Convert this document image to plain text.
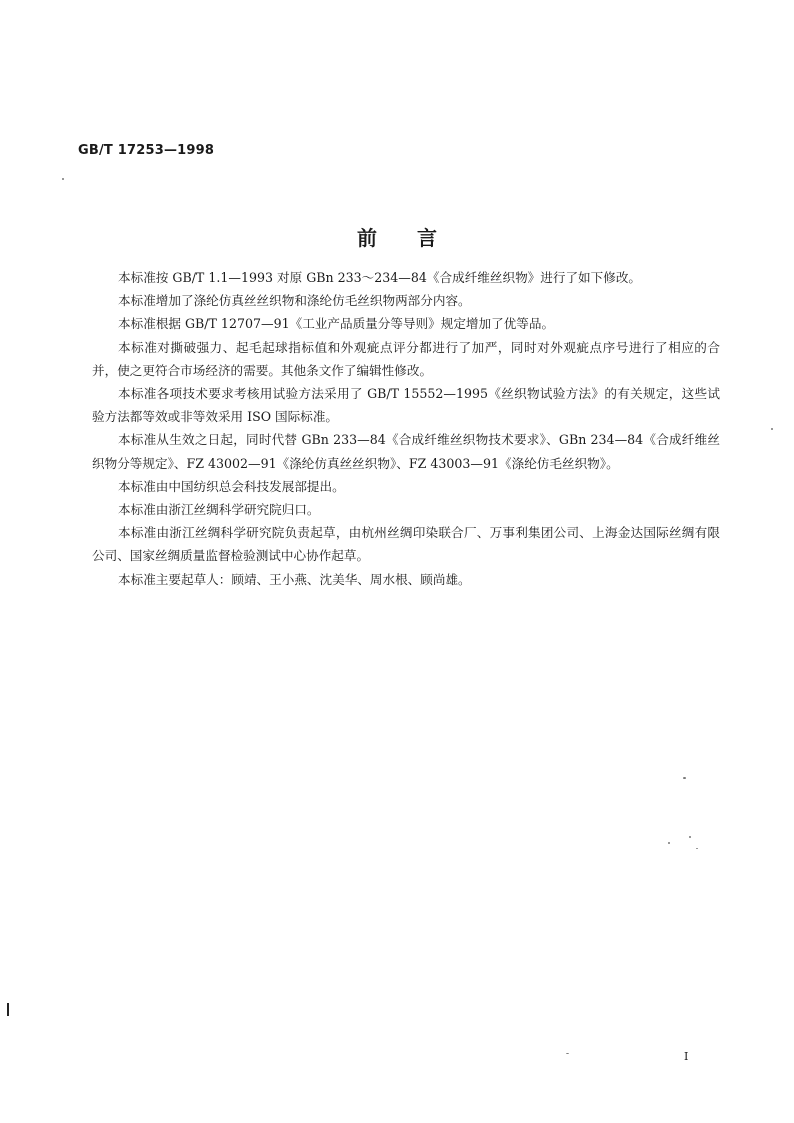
GB/T 17253—1998
前 言

本标准按 GB/T 1.1—1993 对原 GBn 233～234—84《合成纤维丝织物》进行了如下修改。

本标准增加了涤纶仿真丝丝织物和涤纶仿毛丝织物两部分内容。

本标准根据 GB/T 12707—91《工业产品质量分等导则》规定增加了优等品。

本标准对撕破强力、起毛起球指标值和外观疵点评分都进行了加严，同时对外观疵点序号进行了相应的合并，使之更符合市场经济的需要。其他条文作了编辑性修改。

本标准各项技术要求考核用试验方法采用了 GB/T 15552—1995《丝织物试验方法》的有关规定，这些试验方法都等效或非等效采用 ISO 国际标准。

本标准从生效之日起，同时代替 GBn 233—84《合成纤维丝织物技术要求》、GBn 234—84《合成纤维丝织物分等规定》、FZ 43002—91《涤纶仿真丝丝织物》、FZ 43003—91《涤纶仿毛丝织物》。

本标准由中国纺织总会科技发展部提出。

本标准由浙江丝绸科学研究院归口。

本标准由浙江丝绸科学研究院负责起草，由杭州丝绸印染联合厂、万事利集团公司、上海金达国际丝绸有限公司、国家丝绸质量监督检验测试中心协作起草。

本标准主要起草人：顾靖、王小燕、沈美华、周水根、顾尚雄。

I
